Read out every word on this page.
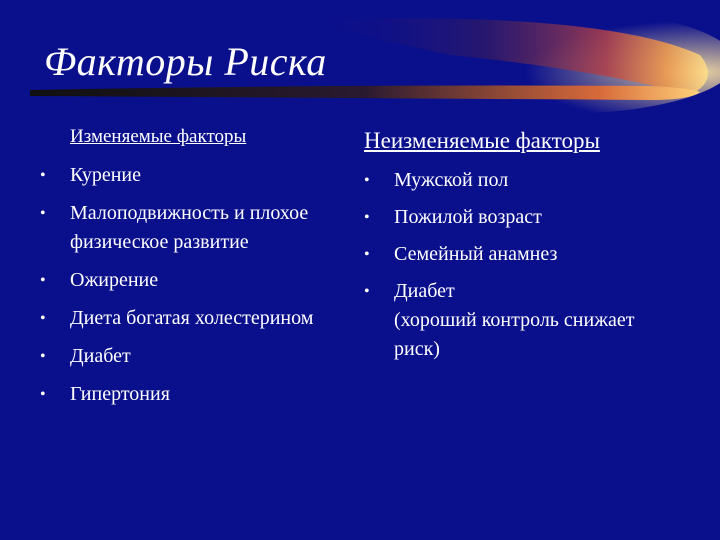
Факторы Риска
Изменяемые факторы	Неизменяемые факторы
• Курение
• Малоподвижность и плохое физическое развитие
• Ожирение
• Диета богатая холестерином
• Диабет
• Гипертония
• Мужской пол
• Пожилой возраст
• Семейный анамнез
• Диабет
(хороший контроль снижает риск)
